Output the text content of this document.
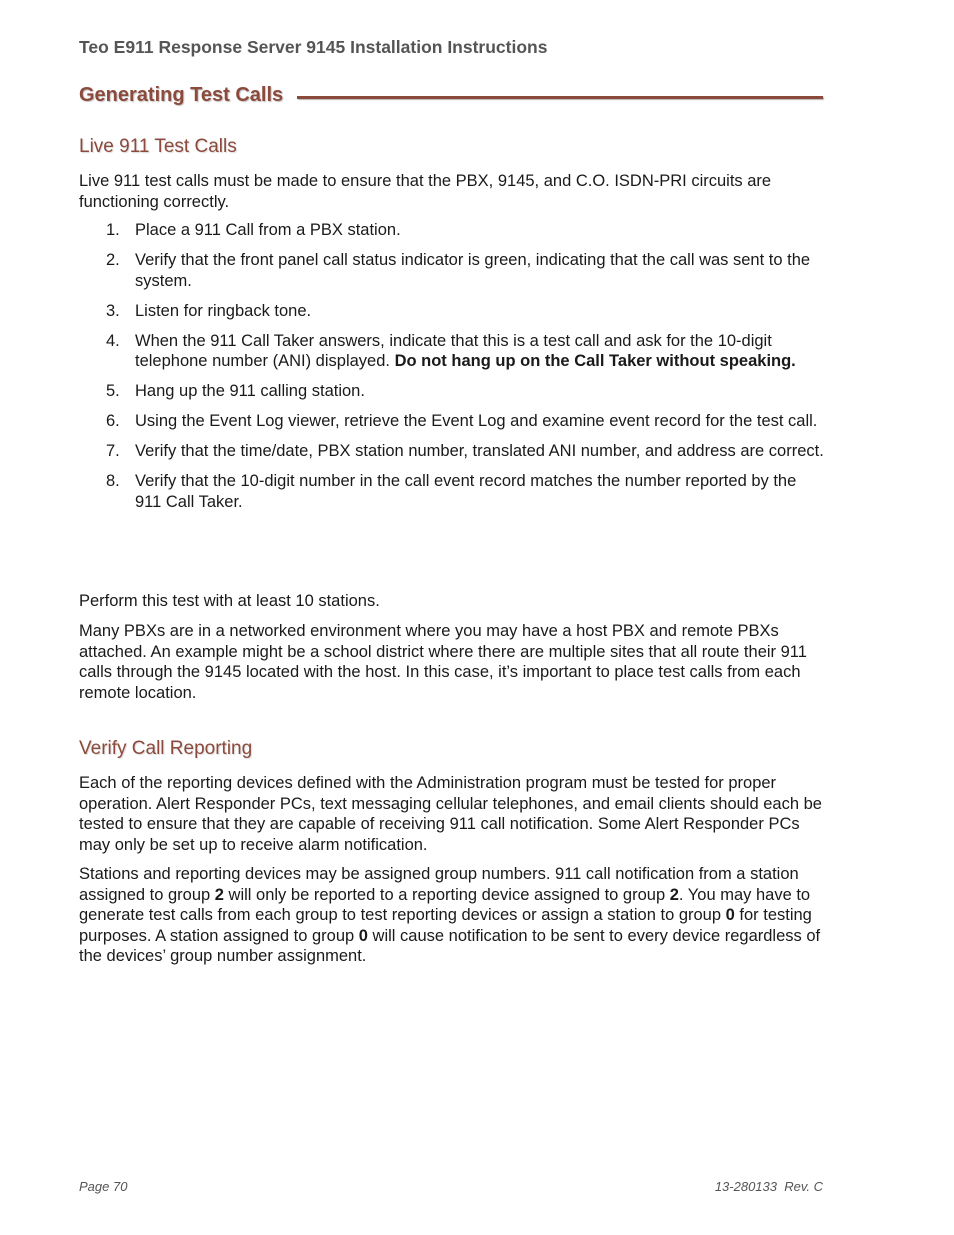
Teo E911 Response Server 9145 Installation Instructions
Generating Test Calls
Live 911 Test Calls

Live 911 test calls must be made to ensure that the PBX, 9145, and C.O. ISDN-PRI circuits are functioning correctly.

1. Place a 911 Call from a PBX station.
2. Verify that the front panel call status indicator is green, indicating that the call was sent to the system.
3. Listen for ringback tone.
4. When the 911 Call Taker answers, indicate that this is a test call and ask for the 10-digit telephone number (ANI) displayed. Do not hang up on the Call Taker without speaking.
5. Hang up the 911 calling station.
6. Using the Event Log viewer, retrieve the Event Log and examine event record for the test call.
7. Verify that the time/date, PBX station number, translated ANI number, and address are correct.
8. Verify that the 10-digit number in the call event record matches the number reported by the 911 Call Taker.

Perform this test with at least 10 stations.

Many PBXs are in a networked environment where you may have a host PBX and remote PBXs attached. An example might be a school district where there are multiple sites that all route their 911 calls through the 9145 located with the host. In this case, it’s important to place test calls from each remote location.

Verify Call Reporting

Each of the reporting devices defined with the Administration program must be tested for proper operation. Alert Responder PCs, text messaging cellular telephones, and email clients should each be tested to ensure that they are capable of receiving 911 call notification. Some Alert Responder PCs may only be set up to receive alarm notification.

Stations and reporting devices may be assigned group numbers. 911 call notification from a station assigned to group 2 will only be reported to a reporting device assigned to group 2. You may have to generate test calls from each group to test reporting devices or assign a station to group 0 for testing purposes. A station assigned to group 0 will cause notification to be sent to every device regardless of the devices’ group number assignment.

Page 70	13-280133  Rev. C
